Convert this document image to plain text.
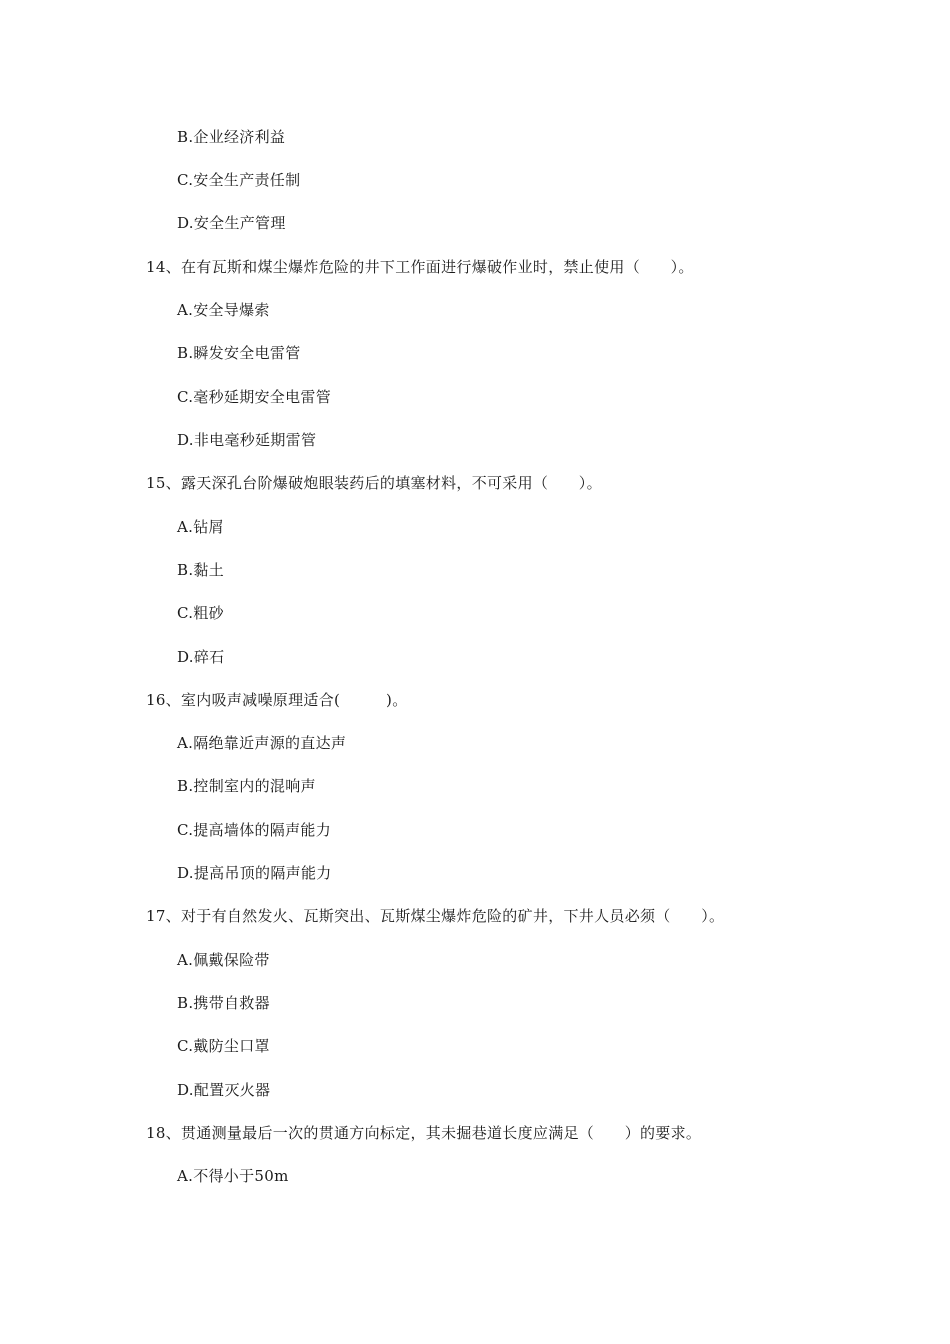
B.企业经济利益
C.安全生产责任制
D.安全生产管理
14、在有瓦斯和煤尘爆炸危险的井下工作面进行爆破作业时，禁止使用（　　）。
A.安全导爆索
B.瞬发安全电雷管
C.毫秒延期安全电雷管
D.非电毫秒延期雷管
15、露天深孔台阶爆破炮眼装药后的填塞材料，不可采用（　　）。
A.钻屑
B.黏土
C.粗砂
D.碎石
16、室内吸声减噪原理适合(　　　)。
A.隔绝靠近声源的直达声
B.控制室内的混响声
C.提高墙体的隔声能力
D.提高吊顶的隔声能力
17、对于有自然发火、瓦斯突出、瓦斯煤尘爆炸危险的矿井，下井人员必须（　　）。
A.佩戴保险带
B.携带自救器
C.戴防尘口罩
D.配置灭火器
18、贯通测量最后一次的贯通方向标定，其未掘巷道长度应满足（　　）的要求。
A.不得小于50m
